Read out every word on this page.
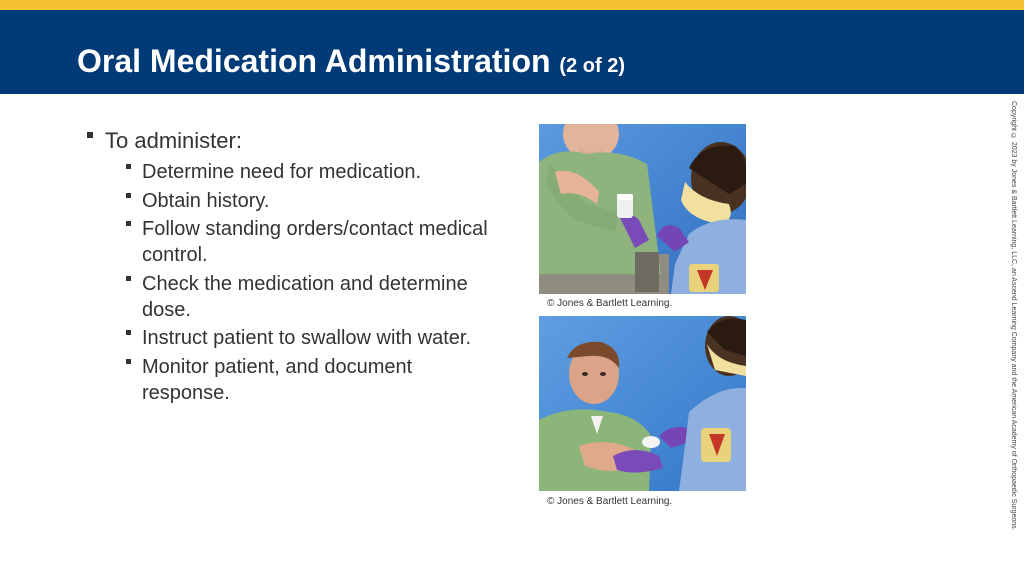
Oral Medication Administration (2 of 2)

To administer:

Determine need for medication.
Obtain history.
Follow standing orders/contact medical control.
Check the medication and determine dose.
Instruct patient to swallow with water.
Monitor patient, and document response.
© Jones & Bartlett Learning.
© Jones & Bartlett Learning.	Copyright © 2023 by Jones & Bartlett Learning, LLC, an Ascend Learning Company and the American Academy of Orthopaedic Surgeons.
